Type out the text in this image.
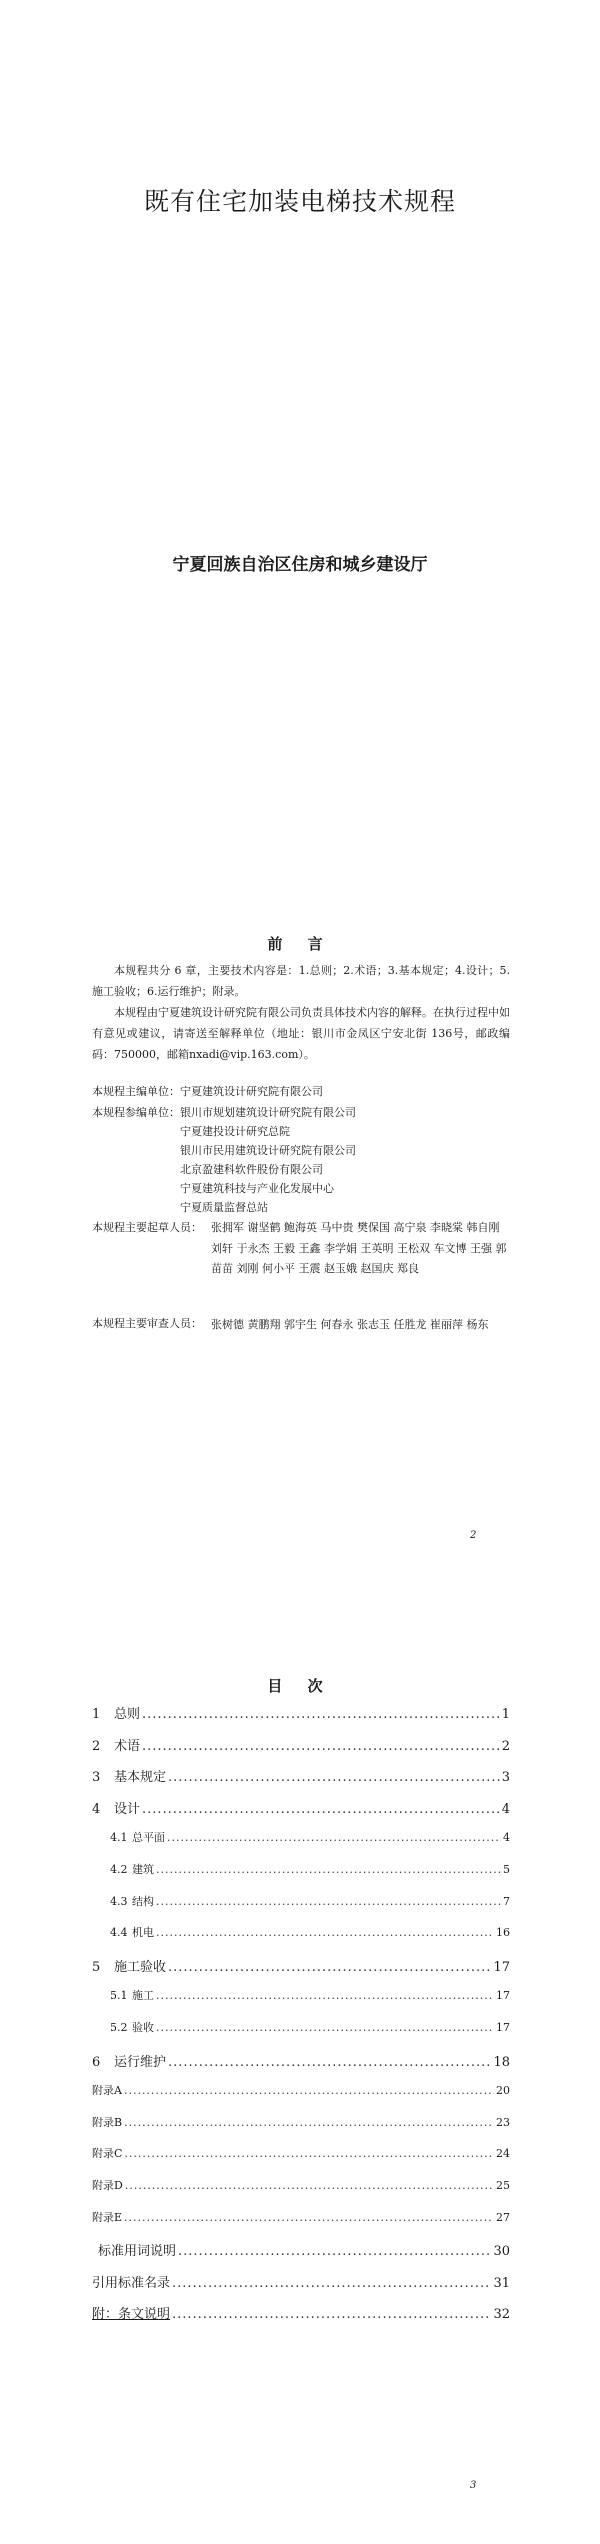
既有住宅加装电梯技术规程
宁夏回族自治区住房和城乡建设厅
前 言
本规程共分 6 章，主要技术内容是：1.总则；2.术语；3.基本规定；4.设计；5.施工验收；6.运行维护；附录。
本规程由宁夏建筑设计研究院有限公司负责具体技术内容的解释。在执行过程中如有意见或建议，请寄送至解释单位（地址：银川市金凤区宁安北街 136号，邮政编码：750000，邮箱nxadi@vip.163.com）。
本规程主编单位：宁夏建筑设计研究院有限公司
本规程参编单位： 银川市规划建筑设计研究院有限公司
宁夏建投设计研究总院
银川市民用建筑设计研究院有限公司
北京盈建科软件股份有限公司
宁夏建筑科技与产业化发展中心
宁夏质量监督总站
本规程主要起草人员： 张拥军 谢坚鹤 鲍海英 马中贵 樊保国 高宁泉 李晓棠 韩自刚 刘轩 于永杰 王毅 王鑫 李学娟 王英明 王松双 车文博 王强 郭苗苗 刘刚 何小平 王震 赵玉娥 赵国庆 郑良
本规程主要审查人员： 张树德 黄鹏翔 郭宇生 何春永 张志玉 任胜龙 崔丽萍 杨东
2
目 次
1	总则 .....	1
2	术语 .....	2
3	基本规定 .....	3
4	设计 .....	4
4.1 总平面 .....	4
4.2 建筑 .....	5
4.3 结构 .....	7
4.4 机电 .....	16
5	施工验收 .....	17
5.1 施工 .....	17
5.2 验收 .....	17
6	运行维护 .....	18
附录A .....	20
附录B .....	23
附录C .....	24
附录D .....	25
附录E .....	27
标准用词说明 .....	30
引用标准名录 .....	31
附：条文说明 .....	32
3
